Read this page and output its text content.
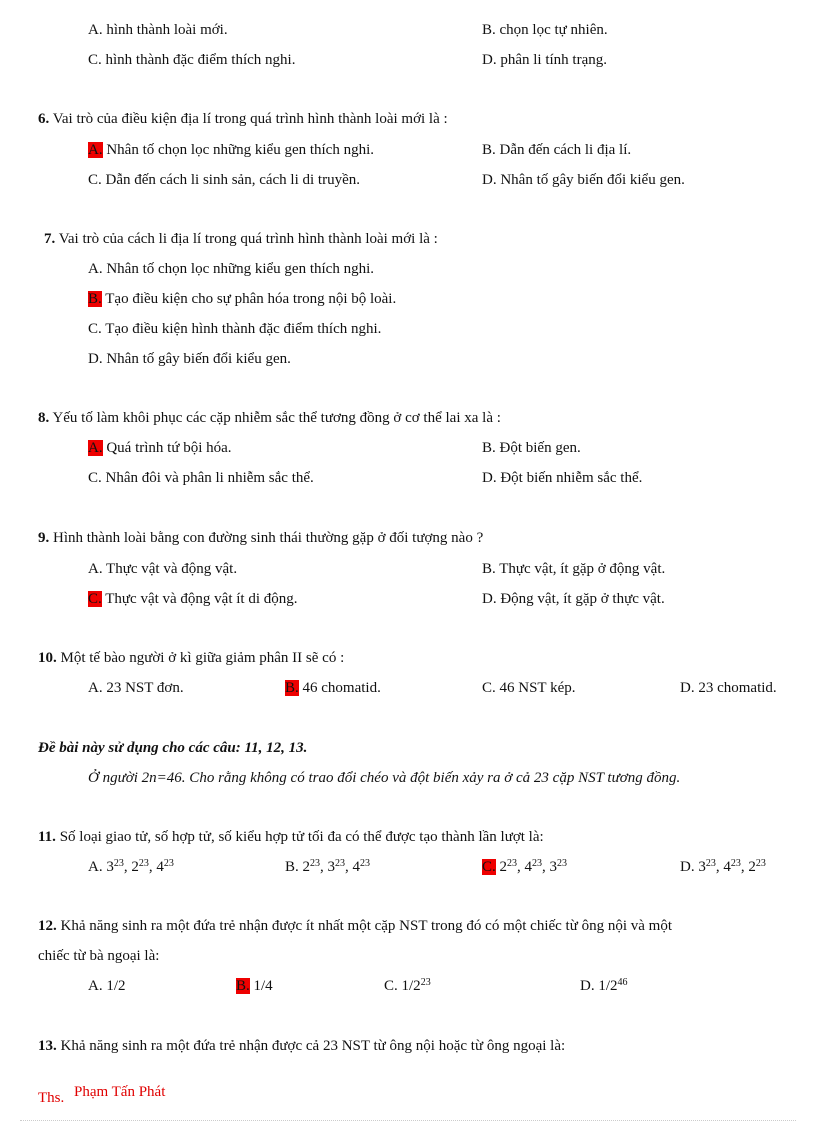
A. hình thành loài mới.	B. chọn lọc tự nhiên.
C. hình thành đặc điểm thích nghi.	D. phân li tính trạng.
6. Vai trò của điều kiện địa lí trong quá trình hình thành loài mới là :
A. Nhân tố chọn lọc những kiểu gen thích nghi.	B. Dẫn đến cách li địa lí.
C. Dẫn đến cách li sinh sản, cách li di truyền.	D. Nhân tố gây biến đổi kiểu gen.
7. Vai trò của cách li địa lí trong quá trình hình thành loài mới là :
A. Nhân tố chọn lọc những kiểu gen thích nghi.
B. Tạo điều kiện cho sự phân hóa trong nội bộ loài.
C. Tạo điều kiện hình thành đặc điểm thích nghi.
D. Nhân tố gây biến đổi kiểu gen.
8. Yếu tố làm khôi phục các cặp nhiễm sắc thể tương đồng ở cơ thể lai xa là :
A. Quá trình tứ bội hóa.	B. Đột biến gen.
C. Nhân đôi và phân li nhiễm sắc thể.	D. Đột biến nhiễm sắc thể.
9. Hình thành loài bằng con đường sinh thái thường gặp ở đối tượng nào ?
A. Thực vật và động vật.	B. Thực vật, ít gặp ở động vật.
C. Thực vật và động vật ít di động.	D. Động vật, ít gặp ở thực vật.
10. Một tế bào người ở kì giữa giảm phân II sẽ có :
A. 23 NST đơn.	B. 46 chomatid.	C. 46 NST kép.	D. 23 chomatid.
Đề bài này sử dụng cho các câu: 11, 12, 13.
Ở người 2n=46. Cho rằng không có trao đổi chéo và đột biến xảy ra ở cả 23 cặp NST tương đồng.
11. Số loại giao tử, số hợp tử, số kiểu hợp tử tối đa có thể được tạo thành lần lượt là:
A. $3^{23}$, $2^{23}$, $4^{23}$	B. $2^{23}$, $3^{23}$, $4^{23}$	C. $2^{23}$, $4^{23}$, $3^{23}$	D. $3^{23}$, $4^{23}$, $2^{23}$
12. Khả năng sinh ra một đứa trẻ nhận được ít nhất một cặp NST trong đó có một chiếc từ ông nội và một
chiếc từ bà ngoại là:
A. 1/2	B. 1/4	C. $1/2^{23}$	D. $1/2^{46}$
13. Khả năng sinh ra một đứa trẻ nhận được cả 23 NST từ ông nội hoặc từ ông ngoại là:
Ths. Phạm Tấn Phát
